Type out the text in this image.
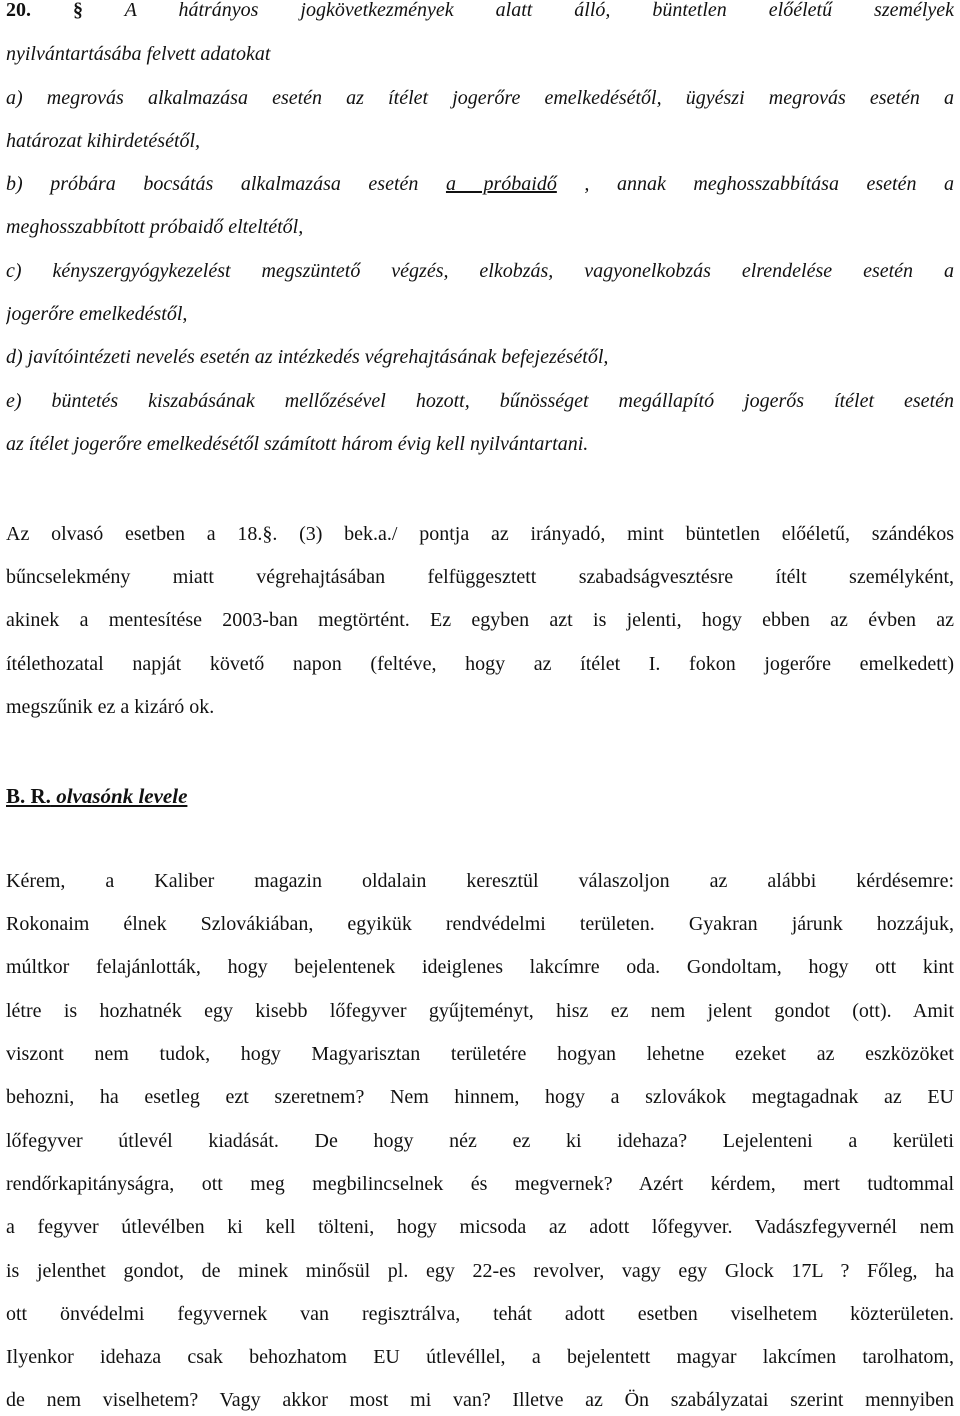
20. § A hátrányos jogkövetkezmények alatt álló, büntetlen előéletű személyek
nyilvántartásába felvett adatokat
a) megrovás alkalmazása esetén az ítélet jogerőre emelkedésétől, ügyészi megrovás esetén a
határozat kihirdetésétől,
b) próbára bocsátás alkalmazása esetén a próbaidő , annak meghosszabbítása esetén a
meghosszabbított próbaidő elteltétől,
c) kényszergyógykezelést megszüntető végzés, elkobzás, vagyonelkobzás elrendelése esetén a
jogerőre emelkedéstől,
d) javítóintézeti nevelés esetén az intézkedés végrehajtásának befejezésétől,
e) büntetés kiszabásának mellőzésével hozott, bűnösséget megállapító jogerős ítélet esetén
az ítélet jogerőre emelkedésétől számított három évig kell nyilvántartani.
Az olvasó esetben a 18.§. (3) bek.a./ pontja az irányadó, mint büntetlen előéletű, szándékos
bűncselekmény miatt végrehajtásában felfüggesztett szabadságvesztésre ítélt személyként,
akinek a mentesítése 2003-ban megtörtént. Ez egyben azt is jelenti, hogy ebben az évben az
ítélethozatal napját követő napon (feltéve, hogy az ítélet I. fokon jogerőre emelkedett)
megszűnik ez a kizáró ok.
B. R. olvasónk levele
Kérem, a Kaliber magazin oldalain keresztül válaszoljon az alábbi kérdésemre:
Rokonaim élnek Szlovákiában, egyikük rendvédelmi területen. Gyakran járunk hozzájuk,
múltkor felajánlották, hogy bejelentenek ideiglenes lakcímre oda. Gondoltam, hogy ott kint
létre is hozhatnék egy kisebb lőfegyver gyűjteményt, hisz ez nem jelent gondot (ott). Amit
viszont nem tudok, hogy Magyarisztan területére hogyan lehetne ezeket az eszközöket
behozni, ha esetleg ezt szeretnem? Nem hinnem, hogy a szlovákok megtagadnak az EU
lőfegyver útlevél kiadását. De hogy néz ez ki idehaza? Lejelenteni a kerületi
rendőrkapitányságra, ott meg megbilincselnek és megvernek? Azért kérdem, mert tudtommal
a fegyver útlevélben ki kell tölteni, hogy micsoda az adott lőfegyver. Vadászfegyvernél nem
is jelenthet gondot, de minek minősül pl. egy 22-es revolver, vagy egy Glock 17L ? Főleg, ha
ott önvédelmi fegyvernek van regisztrálva, tehát adott esetben viselhetem közterületen.
Ilyenkor idehaza csak behozhatom EU útlevéllel, a bejelentett magyar lakcímen tarolhatom,
de nem viselhetem? Vagy akkor most mi van? Illetve az Ön szabályzatai szerint mennyiben
